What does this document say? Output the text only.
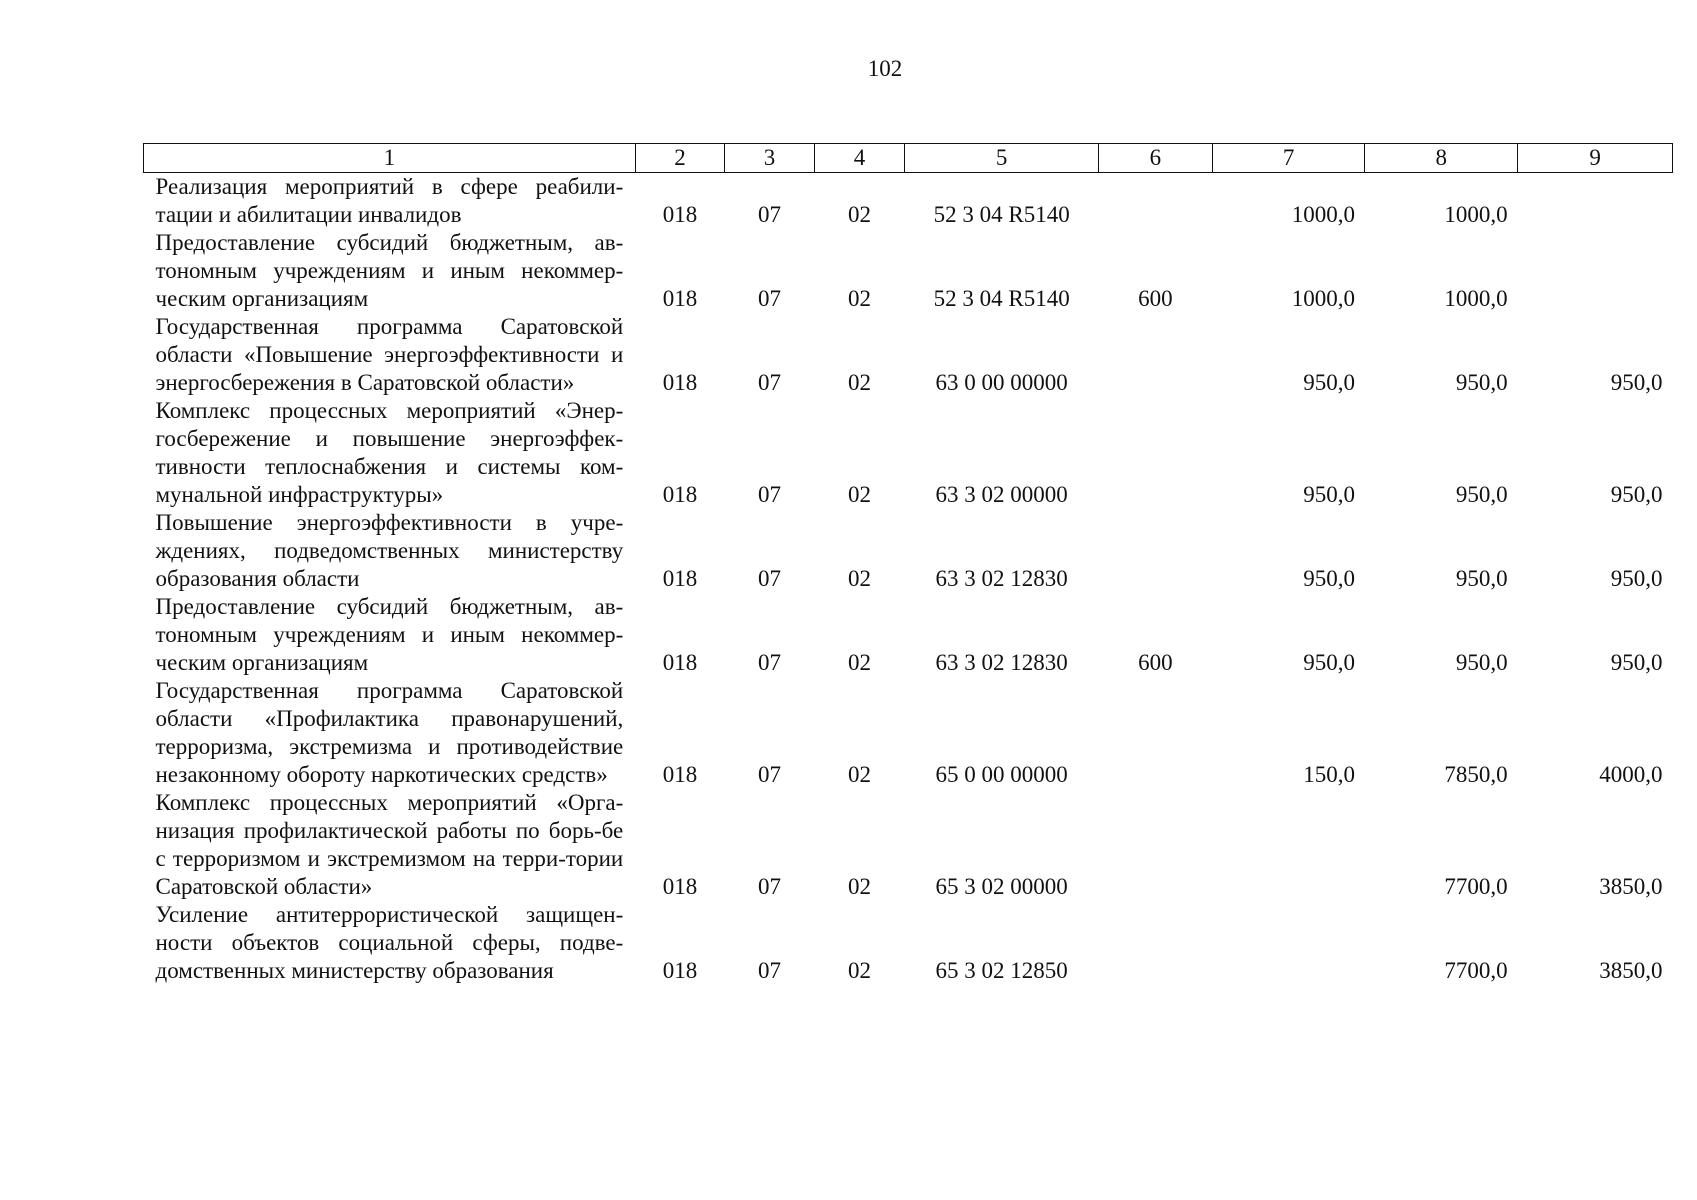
102
1	2	3	4	5	6	7	8	9
Реализация мероприятий в сфере реабили-тации и абилитации инвалидов	018	07	02	52 3 04 R5140		1000,0	1000,0	
Предоставление субсидий бюджетным, ав-тономным учреждениям и иным некоммер-ческим организациям	018	07	02	52 3 04 R5140	600	1000,0	1000,0	
Государственная программа Саратовской области «Повышение энергоэффективности и энергосбережения в Саратовской области»	018	07	02	63 0 00 00000		950,0	950,0	950,0
Комплекс процессных мероприятий «Энер-госбережение и повышение энергоэффек-тивности теплоснабжения и системы ком-мунальной инфраструктуры»	018	07	02	63 3 02 00000		950,0	950,0	950,0
Повышение энергоэффективности в учре-ждениях, подведомственных министерству образования области	018	07	02	63 3 02 12830		950,0	950,0	950,0
Предоставление субсидий бюджетным, ав-тономным учреждениям и иным некоммер-ческим организациям	018	07	02	63 3 02 12830	600	950,0	950,0	950,0
Государственная программа Саратовской области «Профилактика правонарушений, терроризма, экстремизма и противодействие незаконному обороту наркотических средств»	018	07	02	65 0 00 00000		150,0	7850,0	4000,0
Комплекс процессных мероприятий «Орга-низация профилактической работы по борь-бе с терроризмом и экстремизмом на терри-тории Саратовской области»	018	07	02	65 3 02 00000			7700,0	3850,0
Усиление антитеррористической защищен-ности объектов социальной сферы, подве-домственных министерству образования	018	07	02	65 3 02 12850			7700,0	3850,0
